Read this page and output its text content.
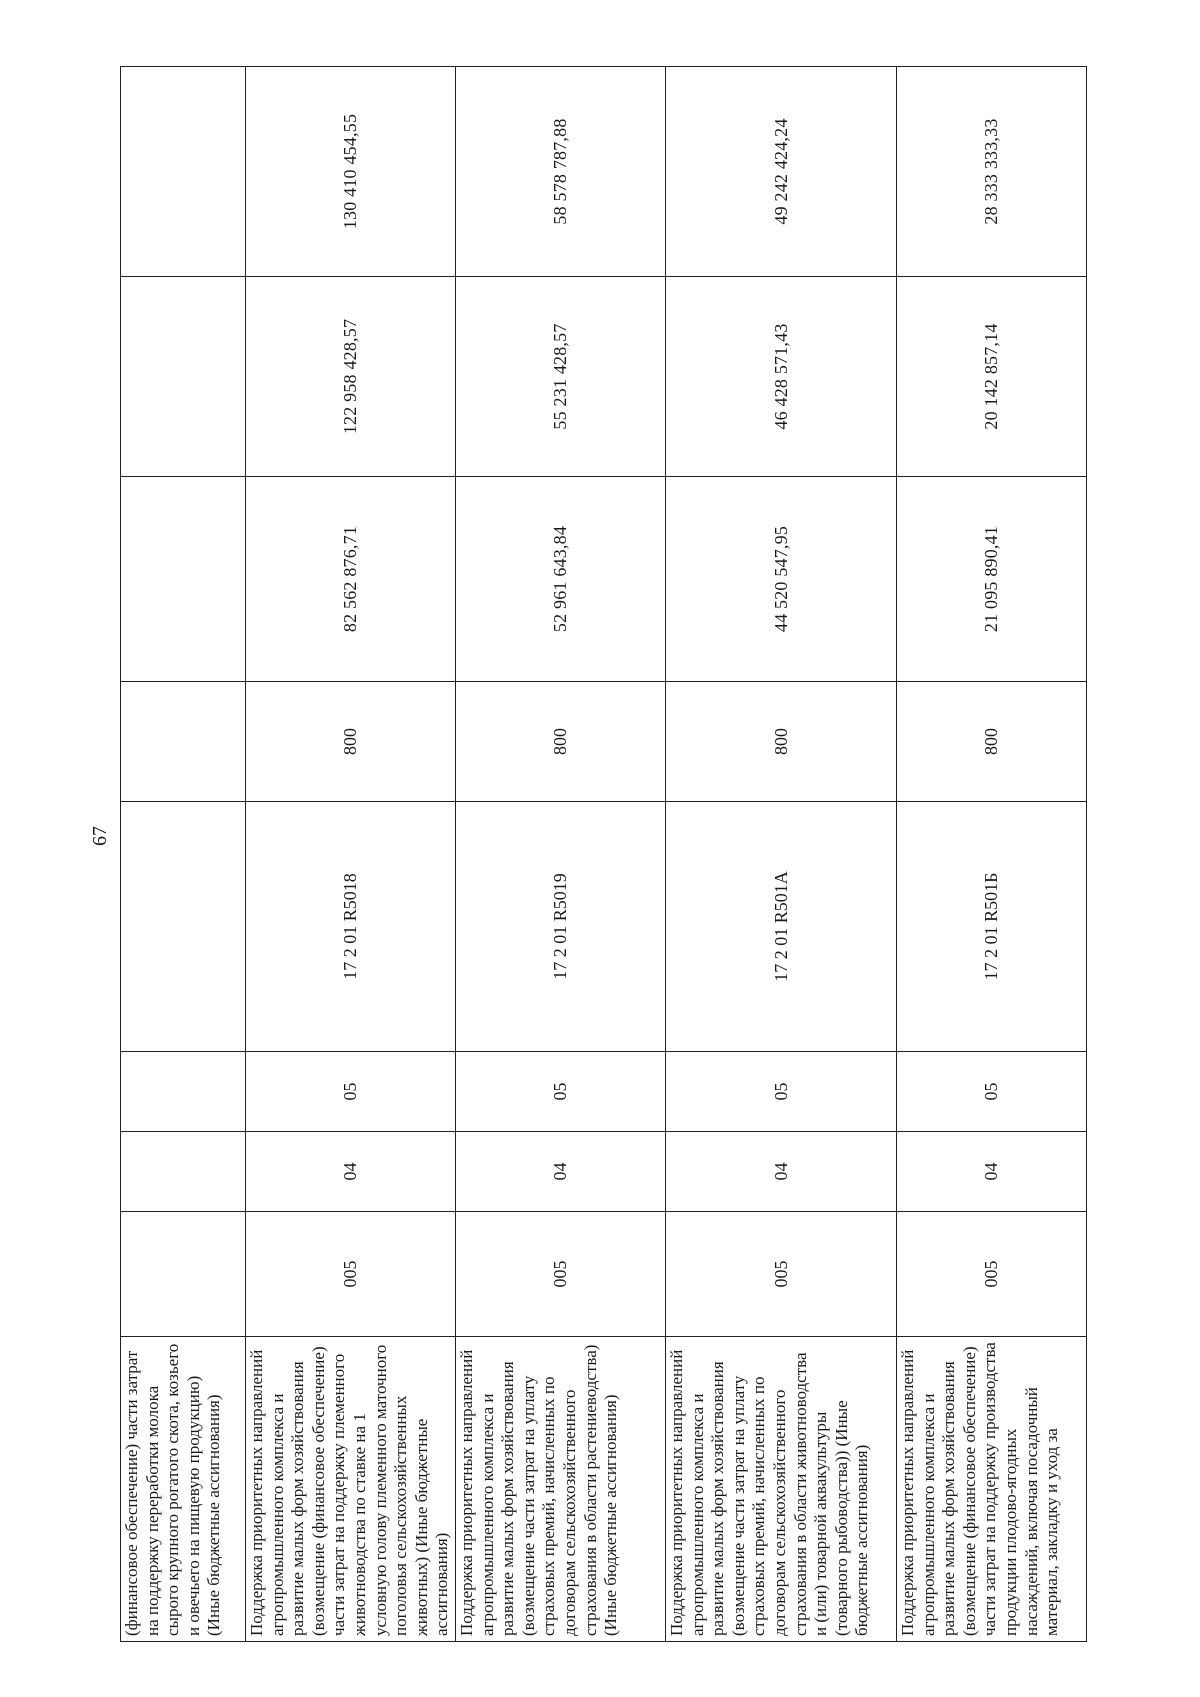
67
(финансовое обеспечение) части затрат на поддержку переработки молока сырого крупного рогатого скота, козьего и овечьего на пищевую продукцию) (Иные бюджетные ассигнования)								
Поддержка приоритетных направлений агропромышленного комплекса и развитие малых форм хозяйствования (возмещение (финансовое обеспечение) части затрат на поддержку племенного животноводства по ставке на 1 условную голову племенного маточного поголовья сельскохозяйственных животных) (Иные бюджетные ассигнования)	005	04	05	17 2 01 R5018	800	82 562 876,71	122 958 428,57	130 410 454,55
Поддержка приоритетных направлений агропромышленного комплекса и развитие малых форм хозяйствования (возмещение части затрат на уплату страховых премий, начисленных по договорам сельскохозяйственного страхования в области растениеводства) (Иные бюджетные ассигнования)	005	04	05	17 2 01 R5019	800	52 961 643,84	55 231 428,57	58 578 787,88
Поддержка приоритетных направлений агропромышленного комплекса и развитие малых форм хозяйствования (возмещение части затрат на уплату страховых премий, начисленных по договорам сельскохозяйственного страхования в области животноводства и (или) товарной аквакультуры (товарного рыбоводства)) (Иные бюджетные ассигнования)	005	04	05	17 2 01 R501А	800	44 520 547,95	46 428 571,43	49 242 424,24
Поддержка приоритетных направлений агропромышленного комплекса и развитие малых форм хозяйствования (возмещение (финансовое обеспечение) части затрат на поддержку производства продукции плодово-ягодных насаждений, включая посадочный материал, закладку и уход за	005	04	05	17 2 01 R501Б	800	21 095 890,41	20 142 857,14	28 333 333,33
